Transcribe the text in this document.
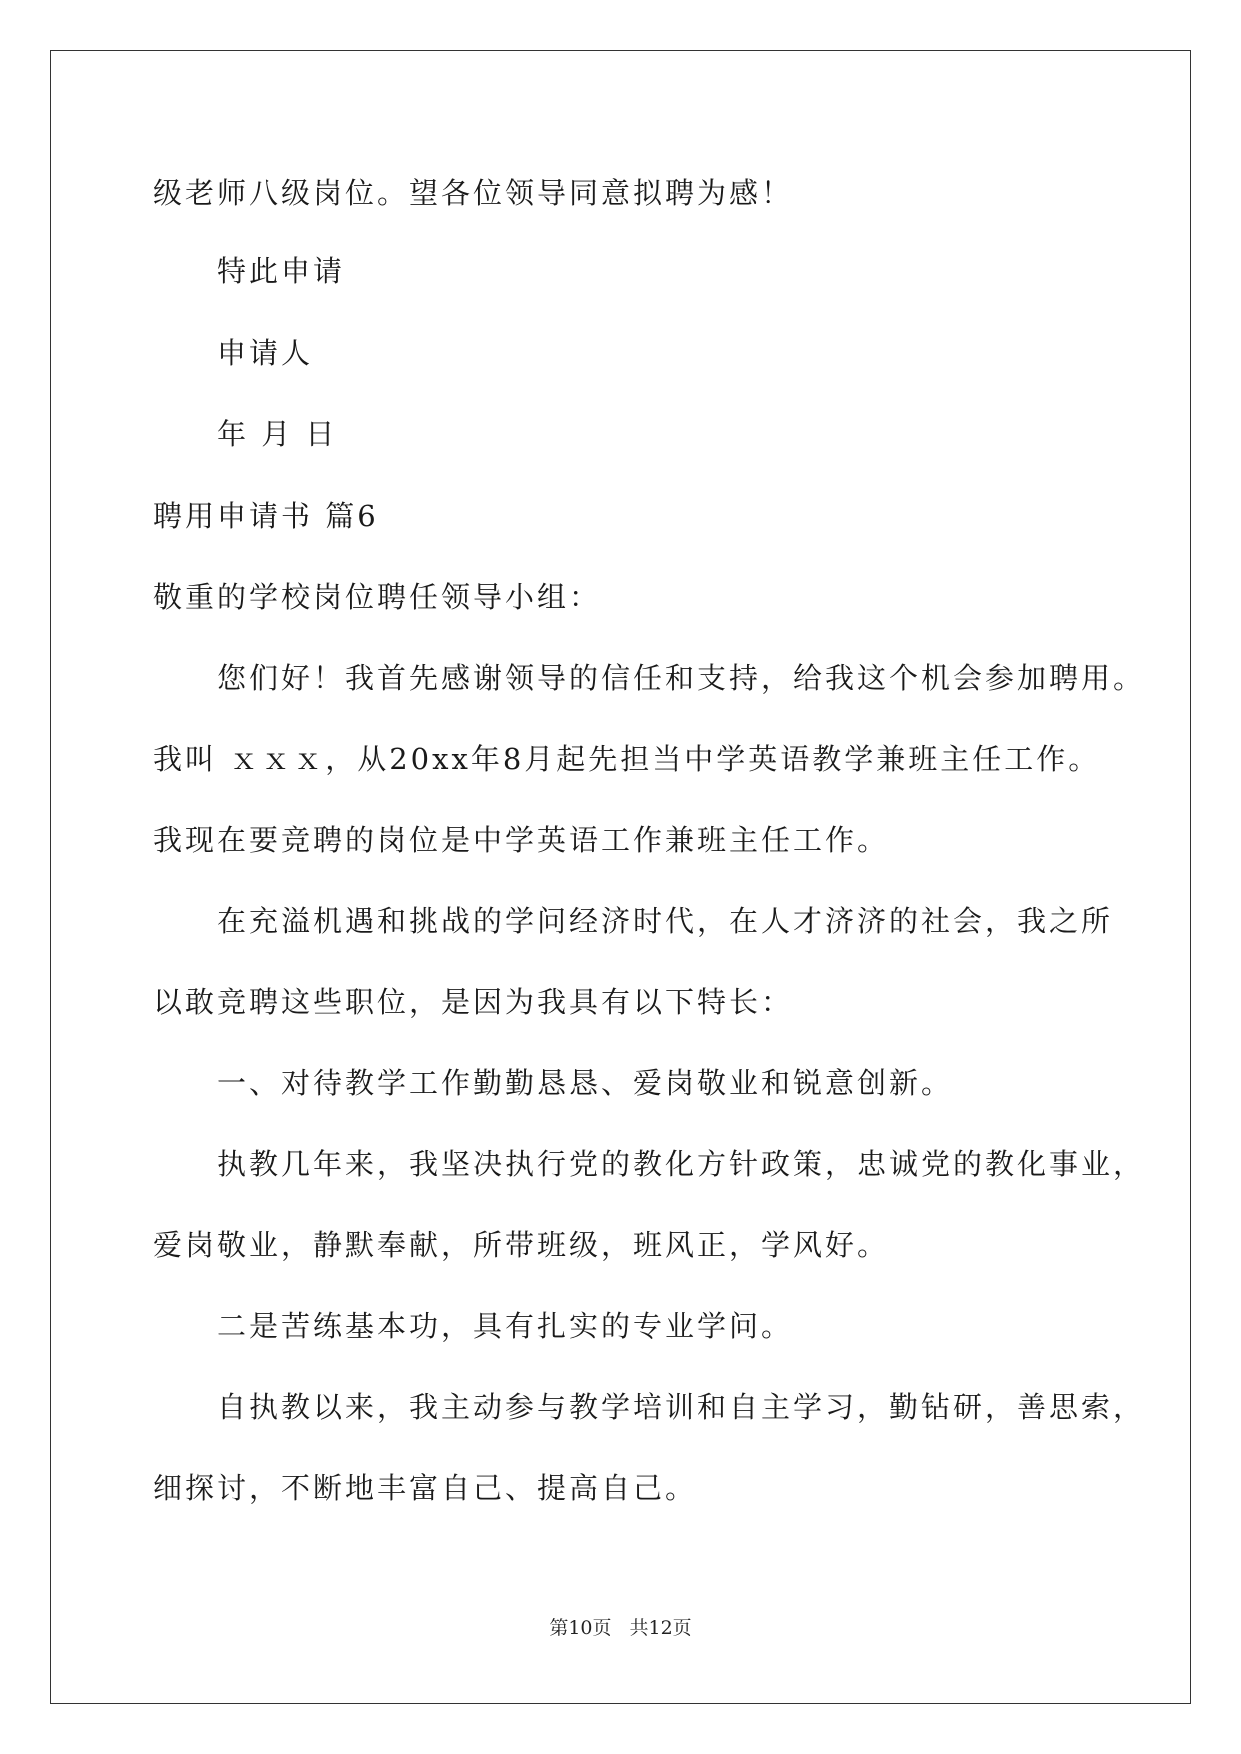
级老师八级岗位。望各位领导同意拟聘为感！
特此申请
申请人
年 月 日
聘用申请书 篇6
敬重的学校岗位聘任领导小组：
您们好！我首先感谢领导的信任和支持，给我这个机会参加聘用。
我叫 ｘｘｘ，从20xx年8月起先担当中学英语教学兼班主任工作。
我现在要竞聘的岗位是中学英语工作兼班主任工作。
在充溢机遇和挑战的学问经济时代，在人才济济的社会，我之所
以敢竞聘这些职位，是因为我具有以下特长：
一、对待教学工作勤勤恳恳、爱岗敬业和锐意创新。
执教几年来，我坚决执行党的教化方针政策，忠诚党的教化事业，
爱岗敬业，静默奉献，所带班级，班风正，学风好。
二是苦练基本功，具有扎实的专业学问。
自执教以来，我主动参与教学培训和自主学习，勤钻研，善思索，
细探讨，不断地丰富自己、提高自己。
第10页 共12页
